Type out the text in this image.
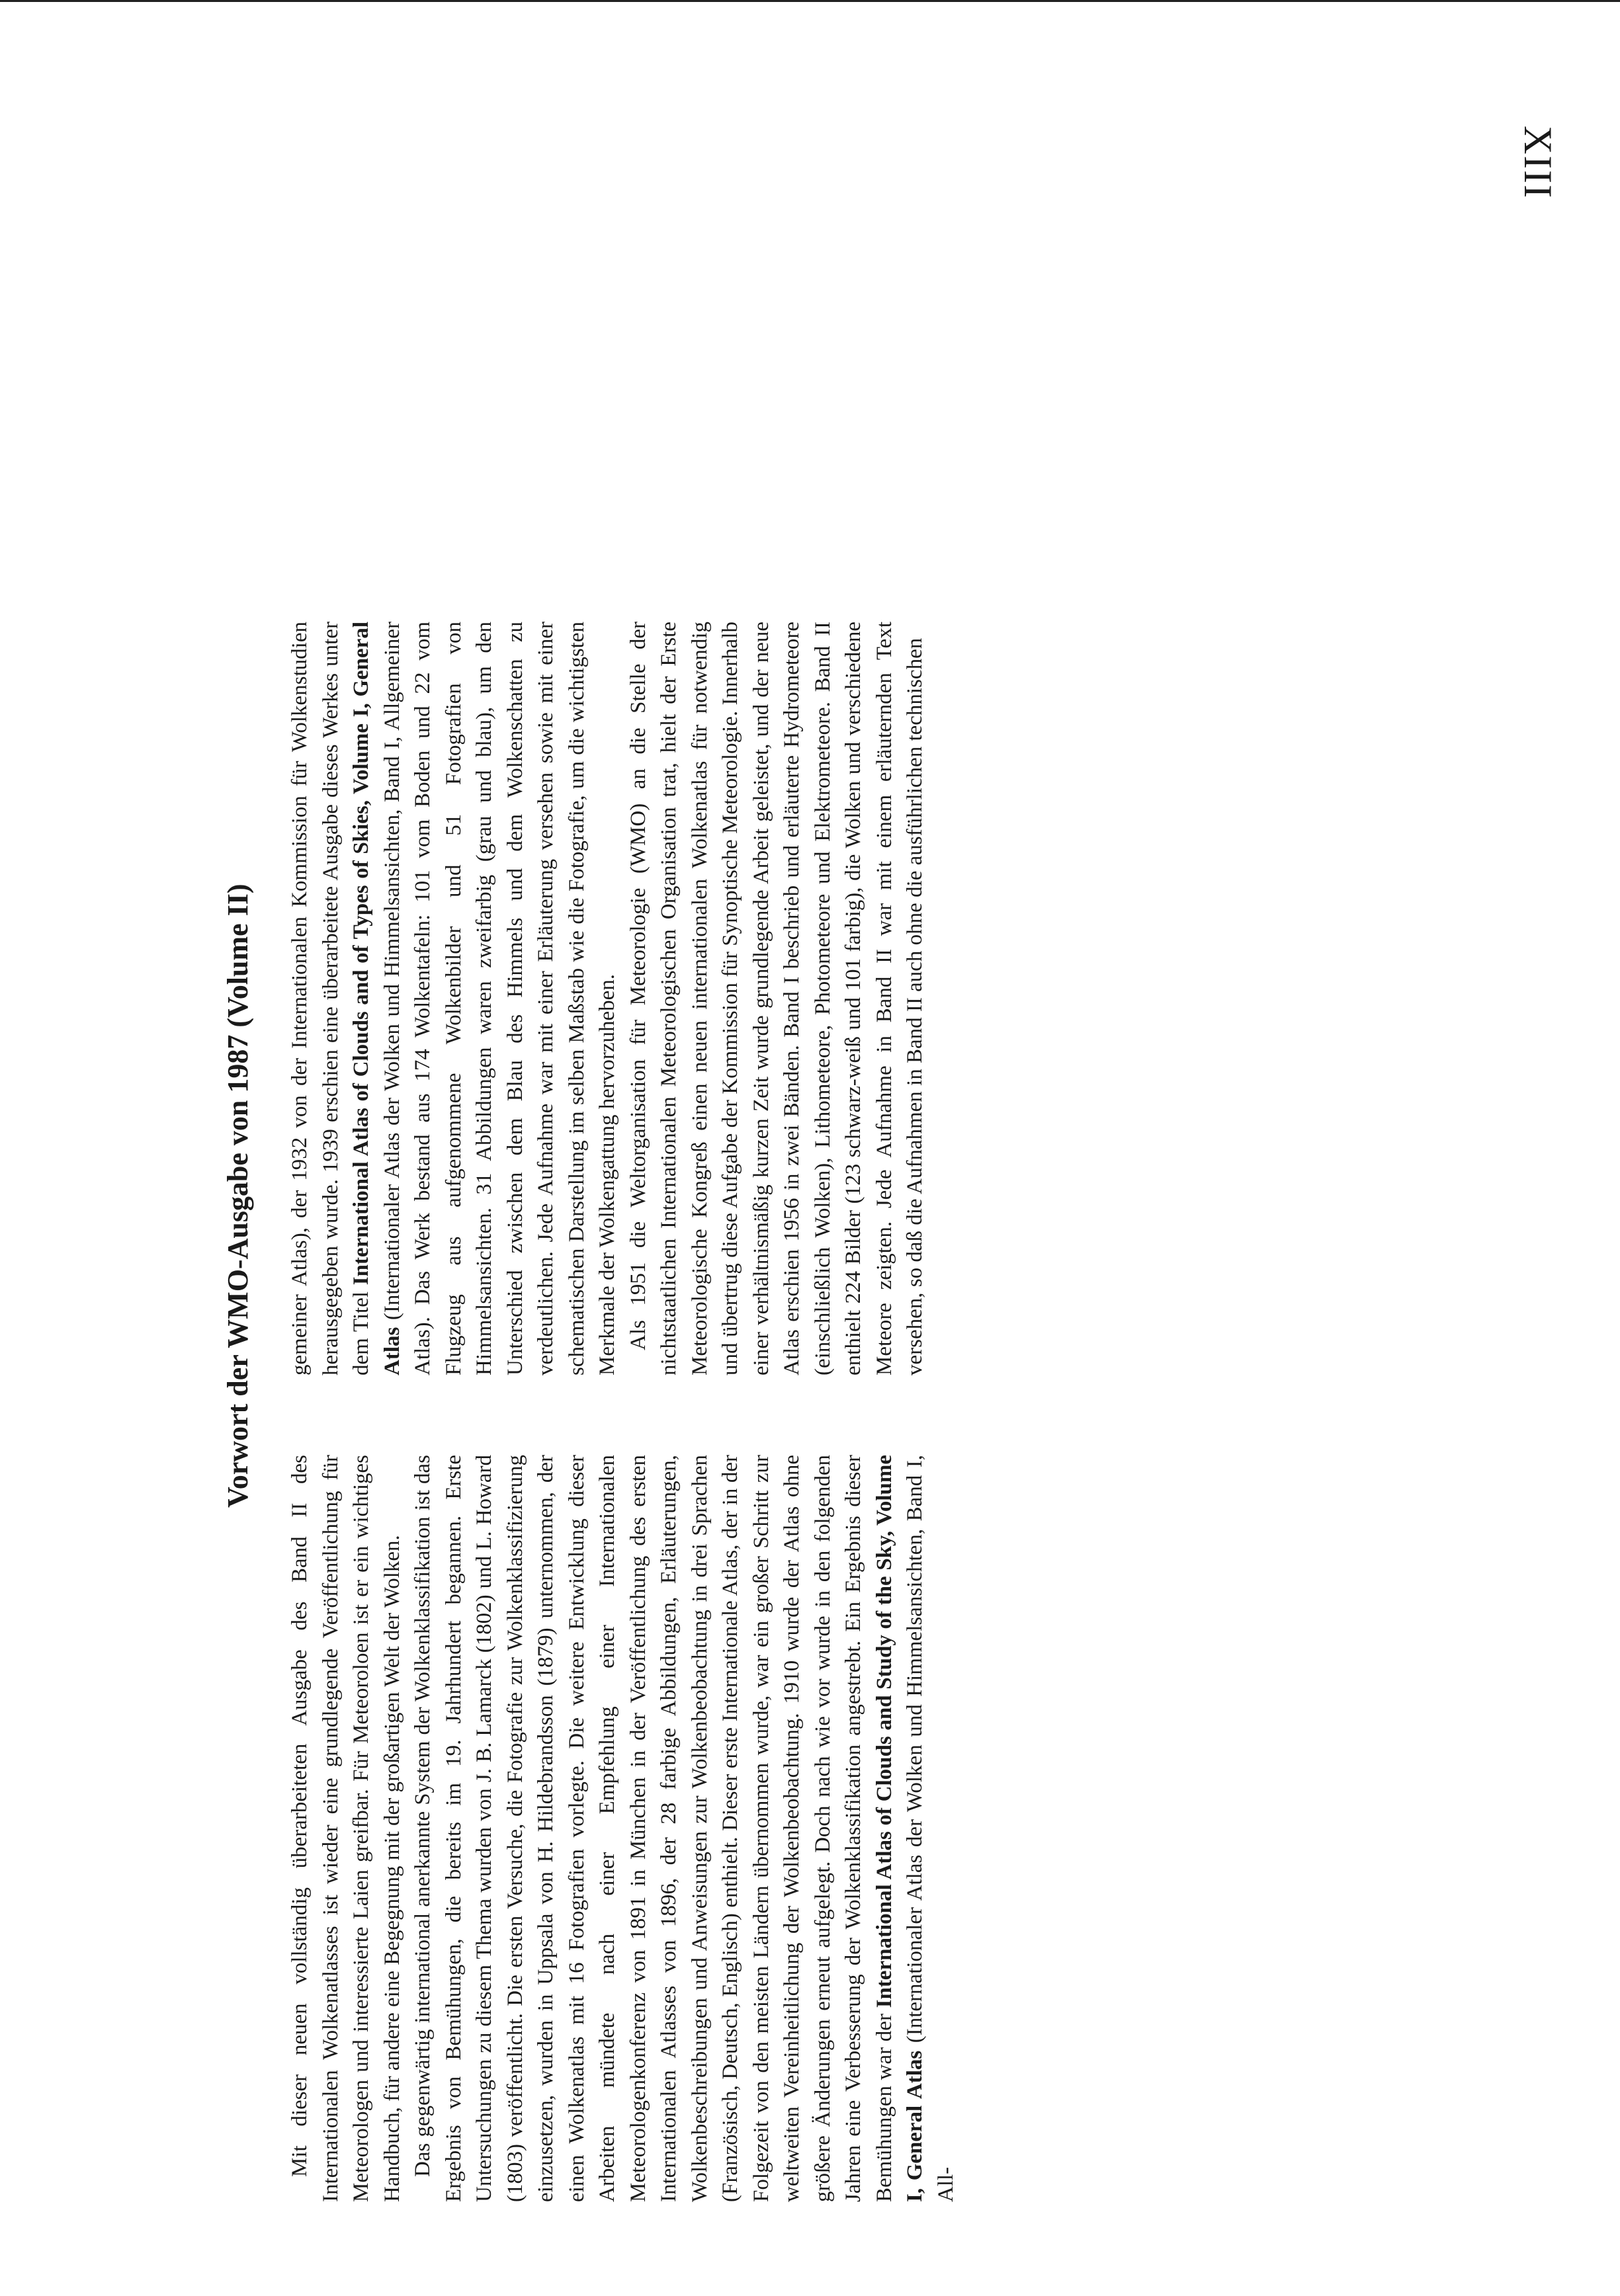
XIII
Vorwort der WMO-Ausgabe von 1987 (Volume II)

Mit dieser neuen vollständig überarbeiteten Ausgabe des Band II des Internationalen Wolkenatlasses ist wieder eine grundlegende Veröffentlichung für Meteorologen und interessierte Laien greifbar. Für Meteoroloen ist er ein wichtiges Handbuch, für andere eine Begegnung mit der großartigen Welt der Wolken. Das gegenwärtig international anerkannte System der Wolkenklassifikation ist das Ergebnis von Bemühungen, die bereits im 19. Jahrhundert begannen. Erste Untersuchungen zu diesem Thema wurden von J. B. Lamarck (1802) und L. Howard (1803) veröffentlicht. Die ersten Versuche, die Fotografie zur Wolkenklassifizierung einzusetzen, wurden in Uppsala von H. Hildebrandsson (1879) unternommen, der einen Wolkenatlas mit 16 Fotografien vorlegte. Die weitere Entwicklung dieser Arbeiten mündete nach einer Empfehlung einer Internationalen Meteorologenkonferenz von 1891 in München in der Veröffentlichung des ersten Internationalen Atlasses von 1896, der 28 farbige Abbildungen, Erläuterungen, Wolkenbeschreibungen und Anweisungen zur Wolkenbeobachtung in drei Sprachen (Französisch, Deutsch, Englisch) enthielt. Dieser erste Internationale Atlas, der in der Folgezeit von den meisten Ländern übernommen wurde, war ein großer Schritt zur weltweiten Vereinheitlichung der Wolkenbeobachtung. 1910 wurde der Atlas ohne größere Änderungen erneut aufgelegt. Doch nach wie vor wurde in den folgenden Jahren eine Verbesserung der Wolkenklassifikation angestrebt. Ein Ergebnis dieser Bemühungen war der International Atlas of Clouds and Study of the Sky, Volume I, General Atlas (Internationaler Atlas der Wolken und Himmelsansichten, Band I, All-

gemeiner Atlas), der 1932 von der Internationalen Kommission für Wolkenstudien herausgegeben wurde. 1939 erschien eine überarbeitete Ausgabe dieses Werkes unter dem Titel International Atlas of Clouds and of Types of Skies, Volume I, General Atlas (Internationaler Atlas der Wolken und Himmelsansichten, Band I, Allgemeiner Atlas). Das Werk bestand aus 174 Wolkentafeln: 101 vom Boden und 22 vom Flugzeug aus aufgenommene Wolkenbilder und 51 Fotografien von Himmelsansichten. 31 Abbildungen waren zweifarbig (grau und blau), um den Unterschied zwischen dem Blau des Himmels und dem Wolkenschatten zu verdeutlichen. Jede Aufnahme war mit einer Erläuterung versehen sowie mit einer schematischen Darstellung im selben Maßstab wie die Fotografie, um die wichtigsten Merkmale der Wolkengattung hervorzuheben. Als 1951 die Weltorganisation für Meteorologie (WMO) an die Stelle der nichtstaatlichen Internationalen Meteorologischen Organisation trat, hielt der Erste Meteorologische Kongreß einen neuen internationalen Wolkenatlas für notwendig und übertrug diese Aufgabe der Kommission für Synoptische Meteorologie. Innerhalb einer verhältnismäßig kurzen Zeit wurde grundlegende Arbeit geleistet, und der neue Atlas erschien 1956 in zwei Bänden. Band I beschrieb und erläuterte Hydrometeore (einschließlich Wolken), Lithometeore, Photometeore und Elektrometeore. Band II enthielt 224 Bilder (123 schwarz-weiß und 101 farbig), die Wolken und verschiedene Meteore zeigten. Jede Aufnahme in Band II war mit einem erläuternden Text versehen, so daß die Aufnahmen in Band II auch ohne die ausführlichen technischen
